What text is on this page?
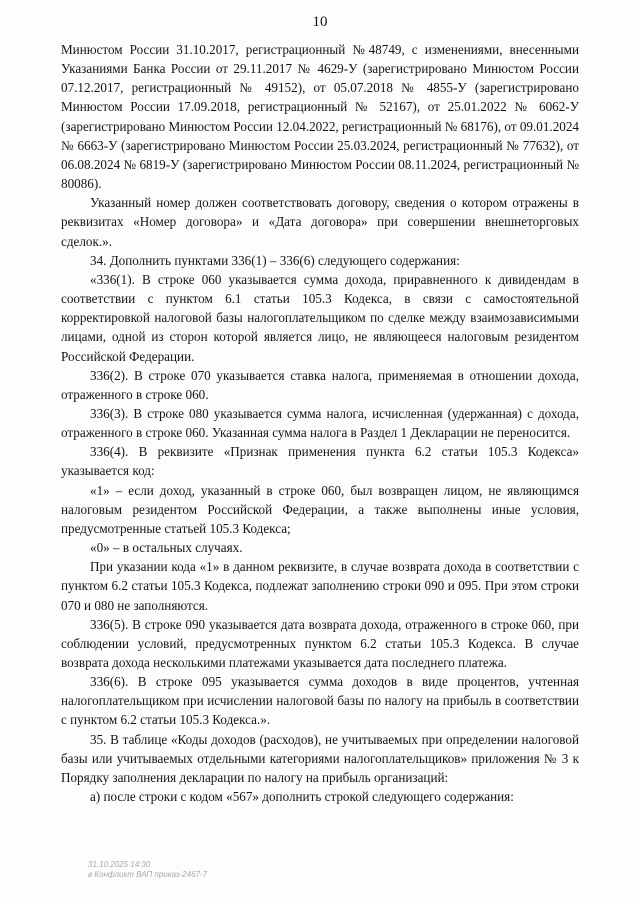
10

Минюстом России 31.10.2017, регистрационный №48749, с изменениями, внесенными Указаниями Банка России от 29.11.2017 № 4629-У (зарегистрировано Минюстом России 07.12.2017, регистрационный № 49152), от 05.07.2018 № 4855-У (зарегистрировано Минюстом России 17.09.2018, регистрационный № 52167), от 25.01.2022 № 6062-У (зарегистрировано Минюстом России 12.04.2022, регистрационный № 68176), от 09.01.2024 № 6663-У (зарегистрировано Минюстом России 25.03.2024, регистрационный № 77632), от 06.08.2024 № 6819-У (зарегистрировано Минюстом России 08.11.2024, регистрационный № 80086).

Указанный номер должен соответствовать договору, сведения о котором отражены в реквизитах «Номер договора» и «Дата договора» при совершении внешнеторговых сделок.».

34. Дополнить пунктами 336(1) – 336(6) следующего содержания:

«336(1). В строке 060 указывается сумма дохода, приравненного к дивидендам в соответствии с пунктом 6.1 статьи 105.3 Кодекса, в связи с самостоятельной корректировкой налоговой базы налогоплательщиком по сделке между взаимозависимыми лицами, одной из сторон которой является лицо, не являющееся налоговым резидентом Российской Федерации.

336(2). В строке 070 указывается ставка налога, применяемая в отношении дохода, отраженного в строке 060.

336(3). В строке 080 указывается сумма налога, исчисленная (удержанная) с дохода, отраженного в строке 060. Указанная сумма налога в Раздел 1 Декларации не переносится.

336(4). В реквизите «Признак применения пункта 6.2 статьи 105.3 Кодекса» указывается код:

«1» – если доход, указанный в строке 060, был возвращен лицом, не являющимся налоговым резидентом Российской Федерации, а также выполнены иные условия, предусмотренные статьей 105.3 Кодекса;

«0» – в остальных случаях.

При указании кода «1» в данном реквизите, в случае возврата дохода в соответствии с пунктом 6.2 статьи 105.3 Кодекса, подлежат заполнению строки 090 и 095. При этом строки 070 и 080 не заполняются.

336(5). В строке 090 указывается дата возврата дохода, отраженного в строке 060, при соблюдении условий, предусмотренных пунктом 6.2 статьи 105.3 Кодекса. В случае возврата дохода несколькими платежами указывается дата последнего платежа.

336(6). В строке 095 указывается сумма доходов в виде процентов, учтенная налогоплательщиком при исчислении налоговой базы по налогу на прибыль в соответствии с пунктом 6.2 статьи 105.3 Кодекса.».

35. В таблице «Коды доходов (расходов), не учитываемых при определении налоговой базы или учитываемых отдельными категориями налогоплательщиков» приложения № 3 к Порядку заполнения декларации по налогу на прибыль организаций:

а) после строки с кодом «567» дополнить строкой следующего содержания:

31.10.2025 14:30
в Конфликт ВАП приказ-2467-7
